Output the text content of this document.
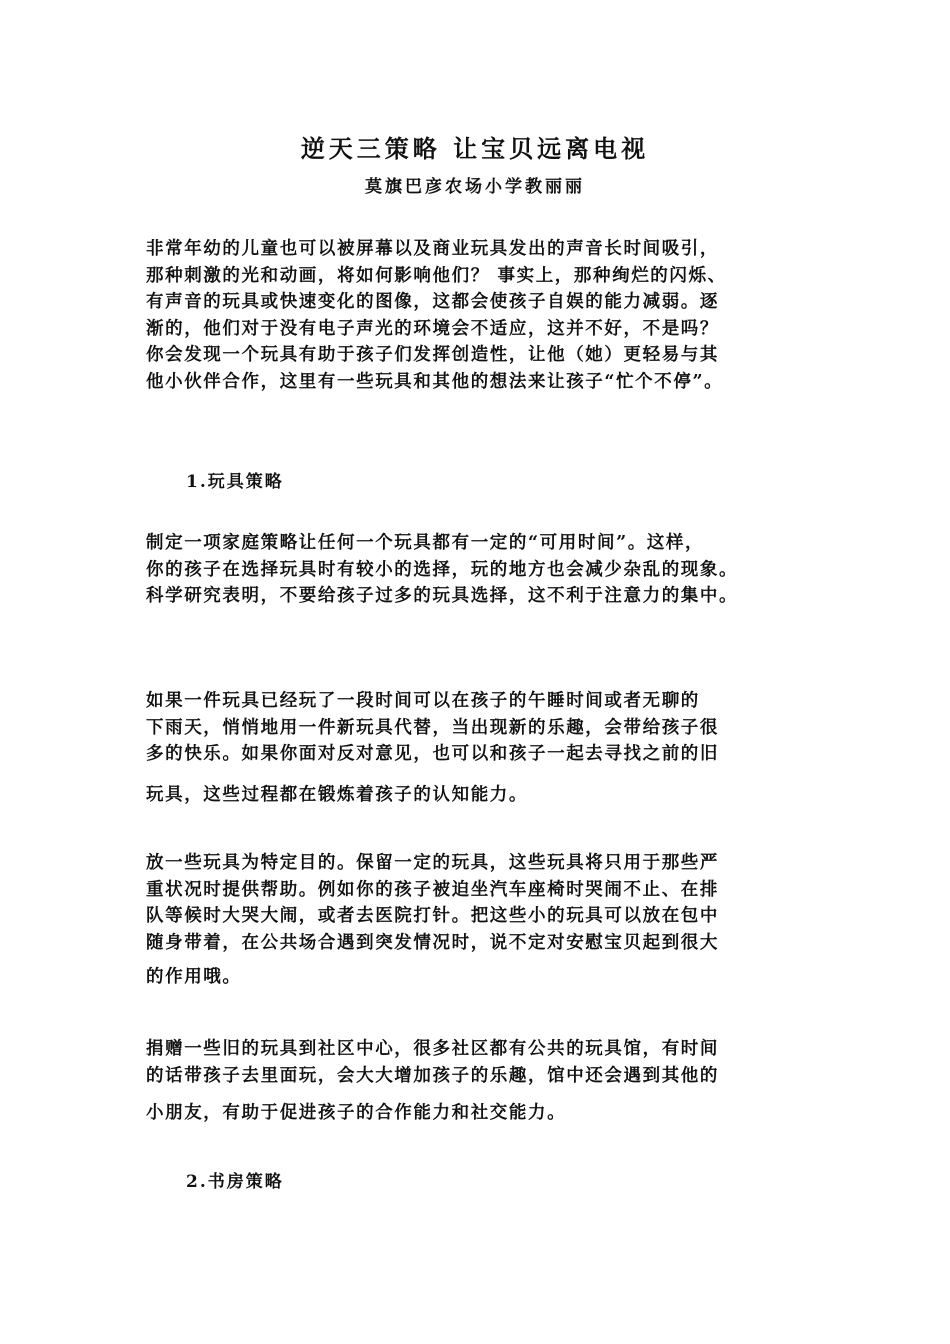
逆天三策略 让宝贝远离电视
莫旗巴彦农场小学教丽丽

非常年幼的儿童也可以被屏幕以及商业玩具发出的声音长时间吸引，
那种刺激的光和动画，将如何影响他们？ 事实上，那种绚烂的闪烁、
有声音的玩具或快速变化的图像，这都会使孩子自娱的能力减弱。逐
渐的，他们对于没有电子声光的环境会不适应，这并不好，不是吗？
你会发现一个玩具有助于孩子们发挥创造性，让他（她）更轻易与其
他小伙伴合作，这里有一些玩具和其他的想法来让孩子“忙个不停”。

1.玩具策略

制定一项家庭策略让任何一个玩具都有一定的“可用时间”。这样，
你的孩子在选择玩具时有较小的选择，玩的地方也会减少杂乱的现象。
科学研究表明，不要给孩子过多的玩具选择，这不利于注意力的集中。

如果一件玩具已经玩了一段时间可以在孩子的午睡时间或者无聊的
下雨天，悄悄地用一件新玩具代替，当出现新的乐趣，会带给孩子很
多的快乐。如果你面对反对意见，也可以和孩子一起去寻找之前的旧

玩具，这些过程都在锻炼着孩子的认知能力。

放一些玩具为特定目的。保留一定的玩具，这些玩具将只用于那些严
重状况时提供帮助。例如你的孩子被迫坐汽车座椅时哭闹不止、在排
队等候时大哭大闹，或者去医院打针。把这些小的玩具可以放在包中
随身带着，在公共场合遇到突发情况时，说不定对安慰宝贝起到很大

的作用哦。

捐赠一些旧的玩具到社区中心，很多社区都有公共的玩具馆，有时间
的话带孩子去里面玩，会大大增加孩子的乐趣，馆中还会遇到其他的

小朋友，有助于促进孩子的合作能力和社交能力。

2.书房策略
